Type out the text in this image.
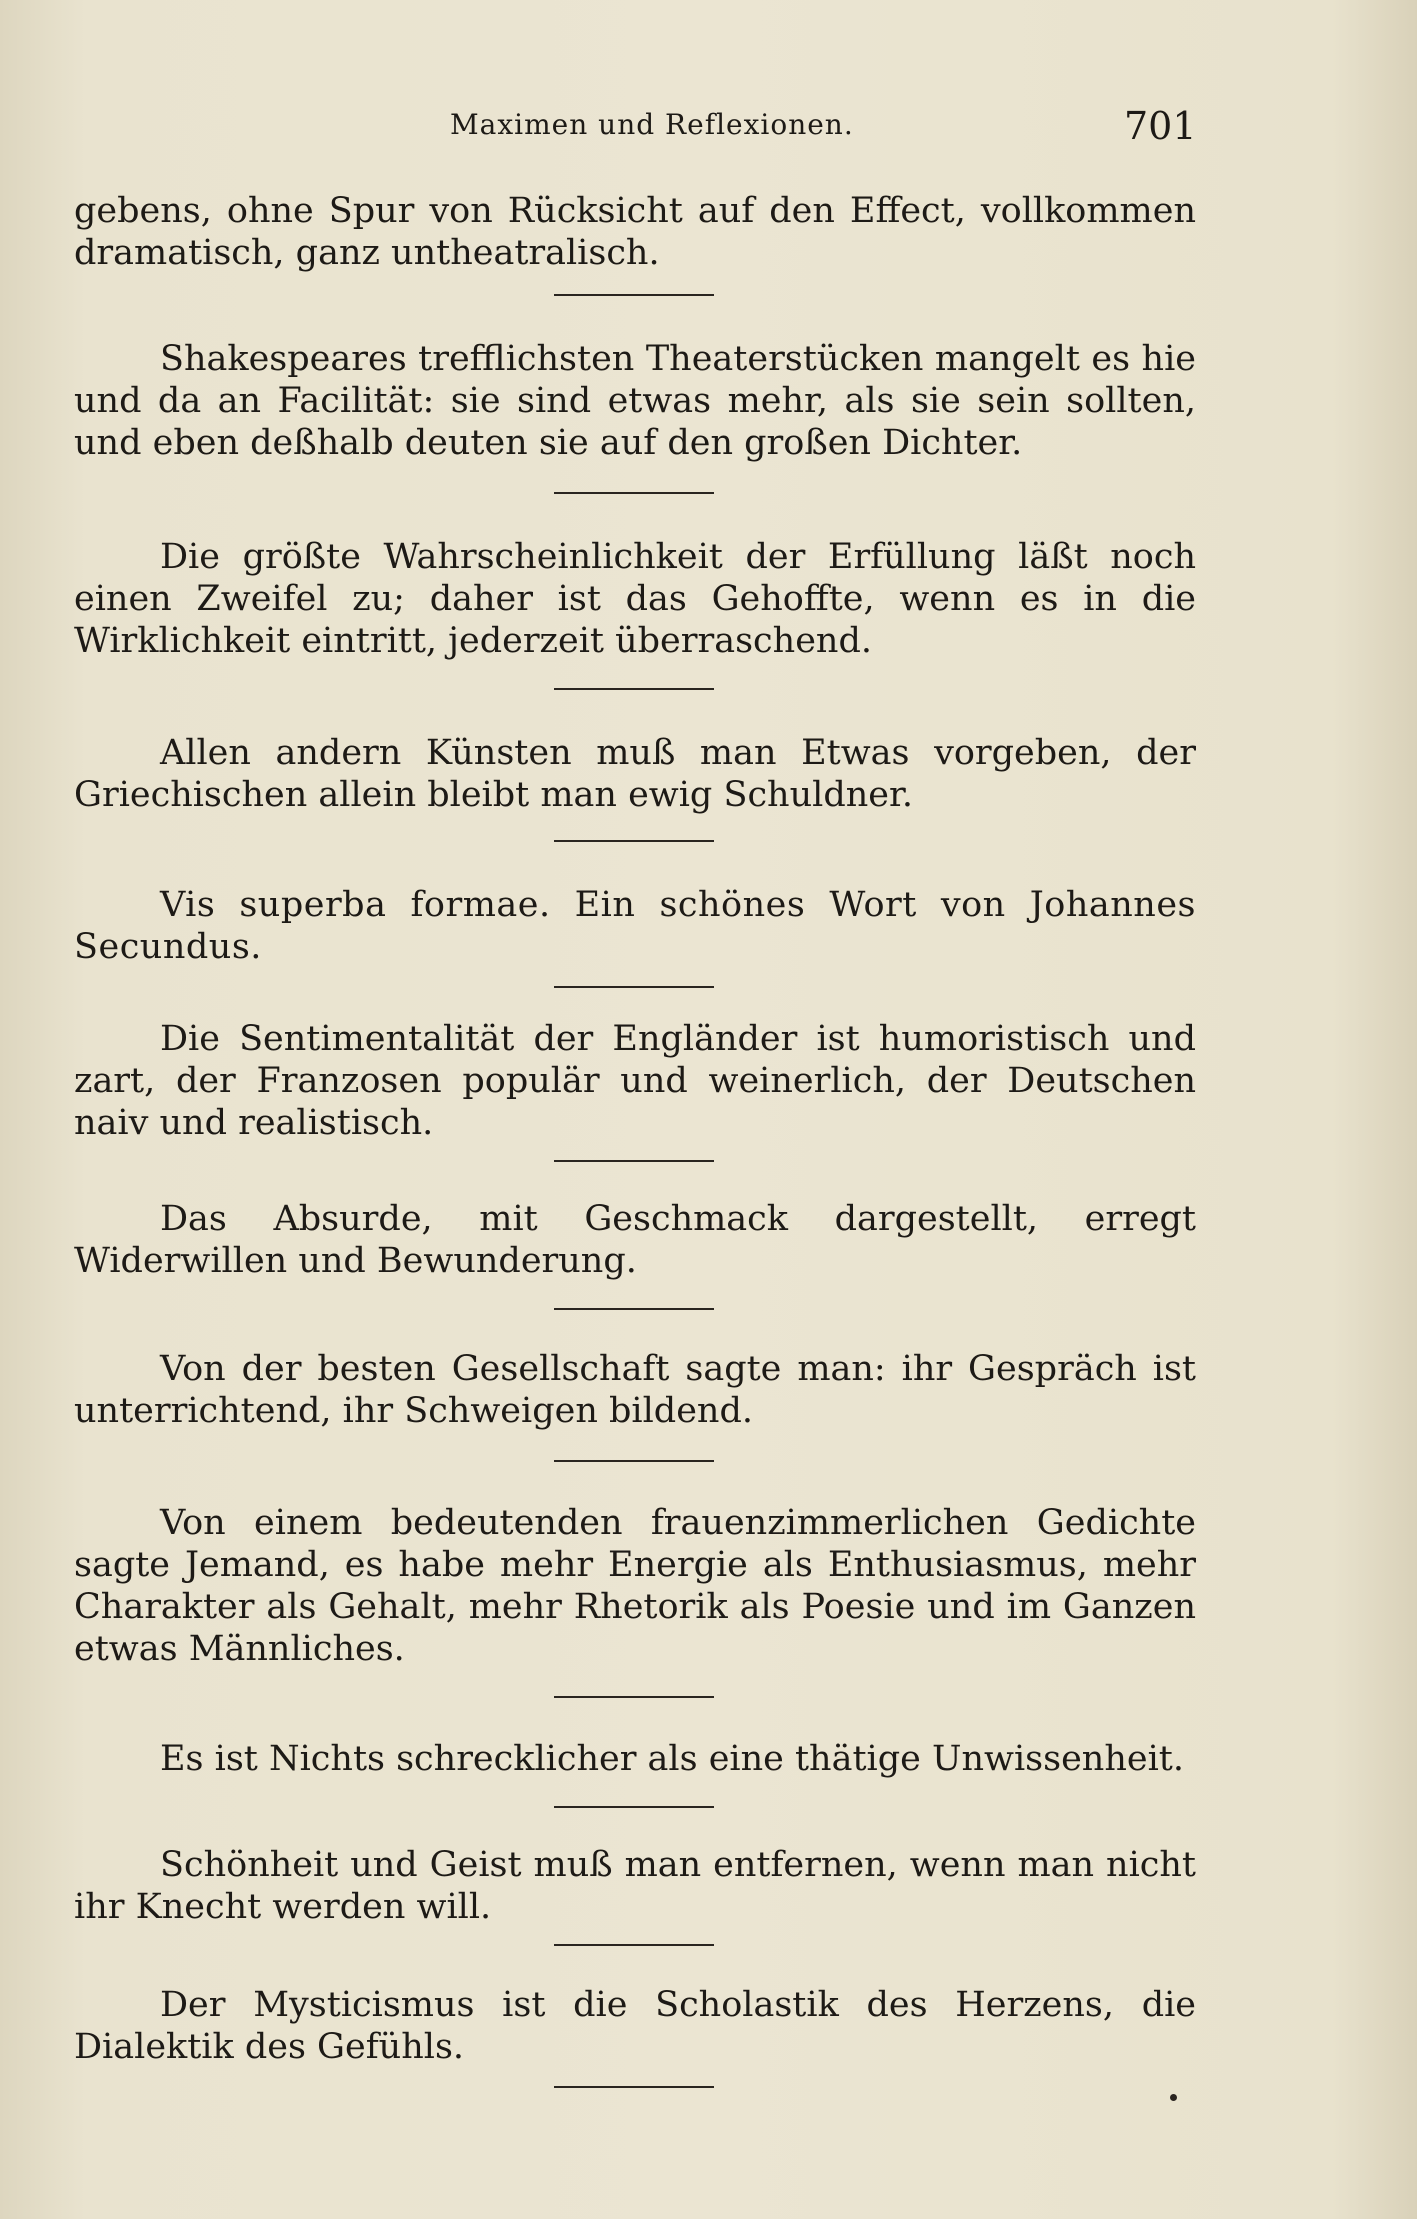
Maximen und Reflexionen.	701

gebens, ohne Spur von Rücksicht auf den Effect, vollkommen dramatisch, ganz untheatralisch.

Shakespeares trefflichsten Theaterstücken mangelt es hie und da an Facilität: sie sind etwas mehr, als sie sein sollten, und eben deßhalb deuten sie auf den großen Dichter.

Die größte Wahrscheinlichkeit der Erfüllung läßt noch einen Zweifel zu; daher ist das Gehoffte, wenn es in die Wirklichkeit eintritt, jederzeit überraschend.

Allen andern Künsten muß man Etwas vorgeben, der Griechischen allein bleibt man ewig Schuldner.

Vis superba formae. Ein schönes Wort von Johannes Secundus.

Die Sentimentalität der Engländer ist humoristisch und zart, der Franzosen populär und weinerlich, der Deutschen naiv und realistisch.

Das Absurde, mit Geschmack dargestellt, erregt Widerwillen und Bewunderung.

Von der besten Gesellschaft sagte man: ihr Gespräch ist unterrichtend, ihr Schweigen bildend.

Von einem bedeutenden frauenzimmerlichen Gedichte sagte Jemand, es habe mehr Energie als Enthusiasmus, mehr Charakter als Gehalt, mehr Rhetorik als Poesie und im Ganzen etwas Männliches.

Es ist Nichts schrecklicher als eine thätige Unwissenheit.

Schönheit und Geist muß man entfernen, wenn man nicht ihr Knecht werden will.

Der Mysticismus ist die Scholastik des Herzens, die Dialektik des Gefühls.
